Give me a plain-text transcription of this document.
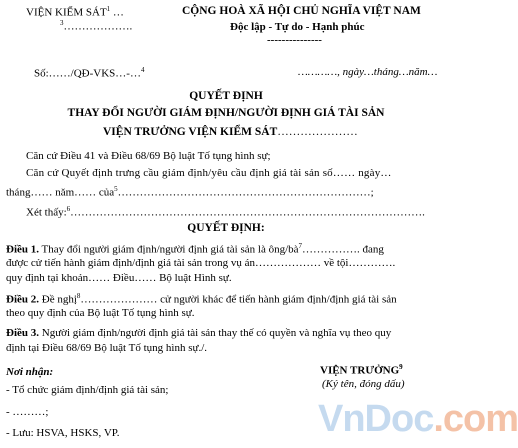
VIỆN KIỂM SÁT$^1$ …
$^3$……………….
CỘNG HOÀ XÃ HỘI CHỦ NGHĨA VIỆT NAM
Độc lập - Tự do - Hạnh phúc
---------------
Số:……/QĐ-VKS…-…$^4$	…………, ngày…tháng…năm…
QUYẾT ĐỊNH
THAY ĐỔI NGƯỜI GIÁM ĐỊNH/NGƯỜI ĐỊNH GIÁ TÀI SẢN
VIỆN TRƯỞNG VIỆN KIỂM SÁT…………………
Căn cứ Điều 41 và Điều 68/69 Bộ luật Tố tụng hình sự;
Căn cứ Quyết định trưng cầu giám định/yêu cầu định giá tài sản số…… ngày…
tháng…… năm…… của$^5$……………………………………………………………;
Xét thấy:$^6$…………………………………………………………………………………….
QUYẾT ĐỊNH:
Điều 1. Thay đổi người giám định/người định giá tài sản là ông/$bà^7\dots\dots\dots\dots\dots$. đang
được cử tiến hành giám định/định giá tài sản trong vụ án……………… về tội………….
quy định tại khoản…… Điều…… Bộ luật Hình sự.
Điều 2. Đề nghị$^8$………………… cử người khác để tiến hành giám định/định giá tài sản
theo quy định của Bộ luật Tố tụng hình sự.
Điều 3. Người giám định/người định giá tài sản thay thế có quyền và nghĩa vụ theo quy
định tại Điều 68/69 Bộ luật Tố tụng hình sự./.
Nơi nhận:
- Tổ chức giám định/định giá tài sản;
- ………;
- Lưu: HSVA, HSKS, VP.
VIỆN TRƯỞNG$^9$
(Ký tên, đóng dấu)
VnDoc.com
